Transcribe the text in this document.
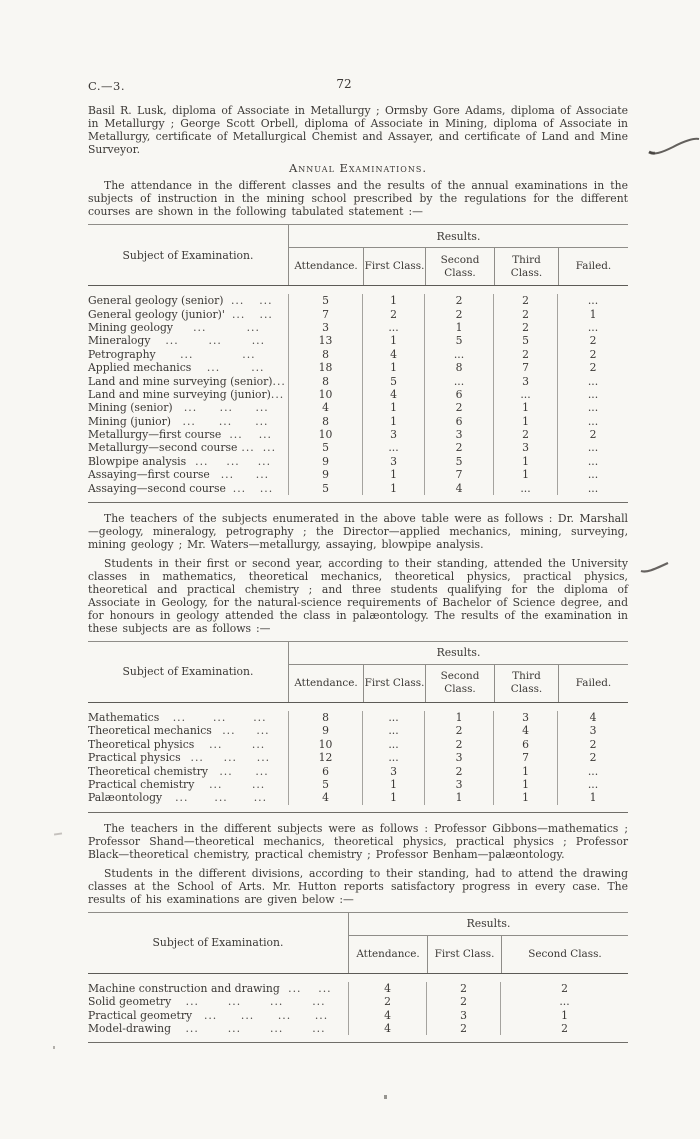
C.—3.	72

Basil R. Lusk, diploma of Associate in Metallurgy ; Ormsby Gore Adams, diploma of Associate in Metallurgy ; George Scott Orbell, diploma of Associate in Mining, diploma of Associate in Metallurgy, certificate of Metallurgical Chemist and Assayer, and certificate of Land and Mine Surveyor.

Annual Examinations.

The attendance in the different classes and the results of the annual examinations in the subjects of instruction in the mining school prescribed by the regulations for the different courses are shown in the following tabulated statement :—

Subject of Examination.
Results.
Attendance. First Class.
Second Class.
Third Class.
Failed.
General geology (senior) ...	...	5	1	2	2	...
General geology (junior)' ...	...	7	2	2	2	1
Mining geology	...	...	3	...	1	2	...
Mineralogy	...	...	...	13	1	5	5	2
Petrography	...	...	8	4	...	2	2
Applied mechanics	...	...	18	1	8	7	2
Land and mine surveying (senior) ...	8	5	...	3	...
Land and mine surveying (junior) ...	10	4	6	...	...
Mining (senior)	...	...	...	4	1	2	1	...
Mining (junior)	...	...	...	8	1	6	1	...
Metallurgy—first course ...	...	10	3	3	2	2
Metallurgy—second course ... ...	5	...	2	3	...
Blowpipe analysis ...	...	...	9	3	5	1	...
Assaying—first course	...	...	9	1	7	1	...
Assaying—second course ...	...	5	1	4	...	...

The teachers of the subjects enumerated in the above table were as follows : Dr. Marshall—geology, mineralogy, petrography ; the Director—applied mechanics, mining, surveying, mining geology ; Mr. Waters—metallurgy, assaying, blowpipe analysis.

Students in their first or second year, according to their standing, attended the University classes in mathematics, theoretical mechanics, theoretical physics, practical physics, theoretical and practical chemistry ; and three students qualifying for the diploma of Associate in Geology, for the natural-science requirements of Bachelor of Science degree, and for honours in geology attended the class in palæontology. The results of the examination in these subjects are as follows :—

Subject of Examination.
Results.
Attendance. First Class.
Second Class.
Third Class.
Failed.
Mathematics	...	...	...	8	...	1	3	4
Theoretical mechanics ...	...	9	...	2	4	3
Theoretical physics	...	...	10	...	2	6	2
Practical physics ...	...	...	12	...	3	7	2
Theoretical chemistry	...	...	6	3	2	1	...
Practical chemistry	...	...	5	1	3	1	...
Palæontology	...	...	...	4	1	1	1	1

The teachers in the different subjects were as follows : Professor Gibbons—mathematics ; Professor Shand—theoretical mechanics, theoretical physics, practical physics ; Professor Black—theoretical chemistry, practical chemistry ; Professor Benham—palæontology.

Students in the different divisions, according to their standing, had to attend the drawing classes at the School of Arts. Mr. Hutton reports satisfactory progress in every case. The results of his examinations are given below :—

Subject of Examination.
Results.
Attendance.	First Class.	Second Class.
Machine construction and drawing ...	...	4	2	2
Solid geometry	...	...	...	...	2	2	...
Practical geometry	...	...	...	...	4	3	1
Model-drawing	...	...	...	...	4	2	2
